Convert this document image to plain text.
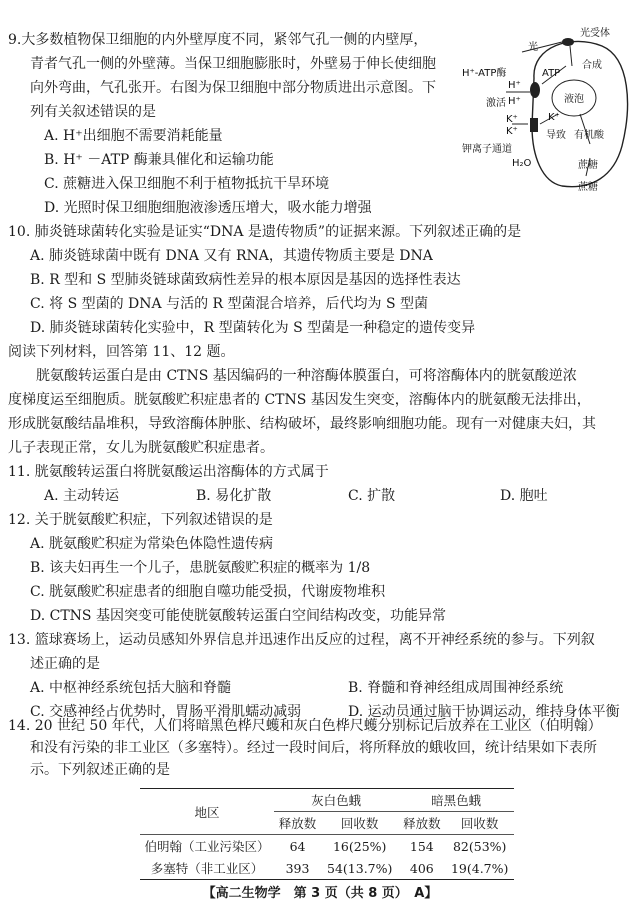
9.大多数植物保卫细胞的内外壁厚度不同，紧邻气孔一侧的内壁厚，
青者气孔一侧的外壁薄。当保卫细胞膨胀时，外壁易于伸长使细胞
向外弯曲，气孔张开。右图为保卫细胞中部分物质进出示意图。下
列有关叙述错误的是
A. H⁺出细胞不需要消耗能量
B. H⁺ －ATP 酶兼具催化和运输功能
C. 蔗糖进入保卫细胞不利于植物抵抗干旱环境
D. 光照时保卫细胞细胞液渗透压增大，吸水能力增强
光受体
光
H⁺-ATP酶
合成
ATP
H⁺
H⁺
激活	液泡
K⁺
K⁺
K⁺
导致 有机酸
钾离子通道
H₂O	蔗糖
蔗糖
10. 肺炎链球菌转化实验是证实“DNA 是遗传物质”的证据来源。下列叙述正确的是
A. 肺炎链球菌中既有 DNA 又有 RNA，其遗传物质主要是 DNA
B. R 型和 S 型肺炎链球菌致病性差异的根本原因是基因的选择性表达
C. 将 S 型菌的 DNA 与活的 R 型菌混合培养，后代均为 S 型菌
D. 肺炎链球菌转化实验中，R 型菌转化为 S 型菌是一种稳定的遗传变异
阅读下列材料，回答第 11、12 题。
胱氨酸转运蛋白是由 CTNS 基因编码的一种溶酶体膜蛋白，可将溶酶体内的胱氨酸逆浓
度梯度运至细胞质。胱氨酸贮积症患者的 CTNS 基因发生突变，溶酶体内的胱氨酸无法排出，
形成胱氨酸结晶堆积，导致溶酶体肿胀、结构破坏，最终影响细胞功能。现有一对健康夫妇，其
儿子表现正常，女儿为胱氨酸贮积症患者。
11. 胱氨酸转运蛋白将胱氨酸运出溶酶体的方式属于
A. 主动转运	B. 易化扩散	C. 扩散	D. 胞吐
12. 关于胱氨酸贮积症，下列叙述错误的是
A. 胱氨酸贮积症为常染色体隐性遗传病
B. 该夫妇再生一个儿子，患胱氨酸贮积症的概率为 1/8
C. 胱氨酸贮积症患者的细胞自噬功能受损，代谢废物堆积
D. CTNS 基因突变可能使胱氨酸转运蛋白空间结构改变，功能异常
13. 篮球赛场上，运动员感知外界信息并迅速作出反应的过程，离不开神经系统的参与。下列叙
述正确的是
A. 中枢神经系统包括大脑和脊髓	B. 脊髓和脊神经组成周围神经系统
C. 交感神经占优势时，胃肠平滑肌蠕动减弱	D. 运动员通过脑干协调运动，维持身体平衡
14. 20 世纪 50 年代，人们将暗黑色桦尺蠖和灰白色桦尺蠖分别标记后放养在工业区（伯明翰）
和没有污染的非工业区（多塞特）。经过一段时间后，将所释放的蛾收回，统计结果如下表所
示。下列叙述正确的是
地区	灰白色蛾		暗黑色蛾	
	释放数	回收数	释放数	回收数
伯明翰（工业污染区）	64	16(25%)	154	82(53%)
多塞特（非工业区）	393	54(13.7%)	406	19(4.7%)
【高二生物学　第 3 页（共 8 页）　A】
